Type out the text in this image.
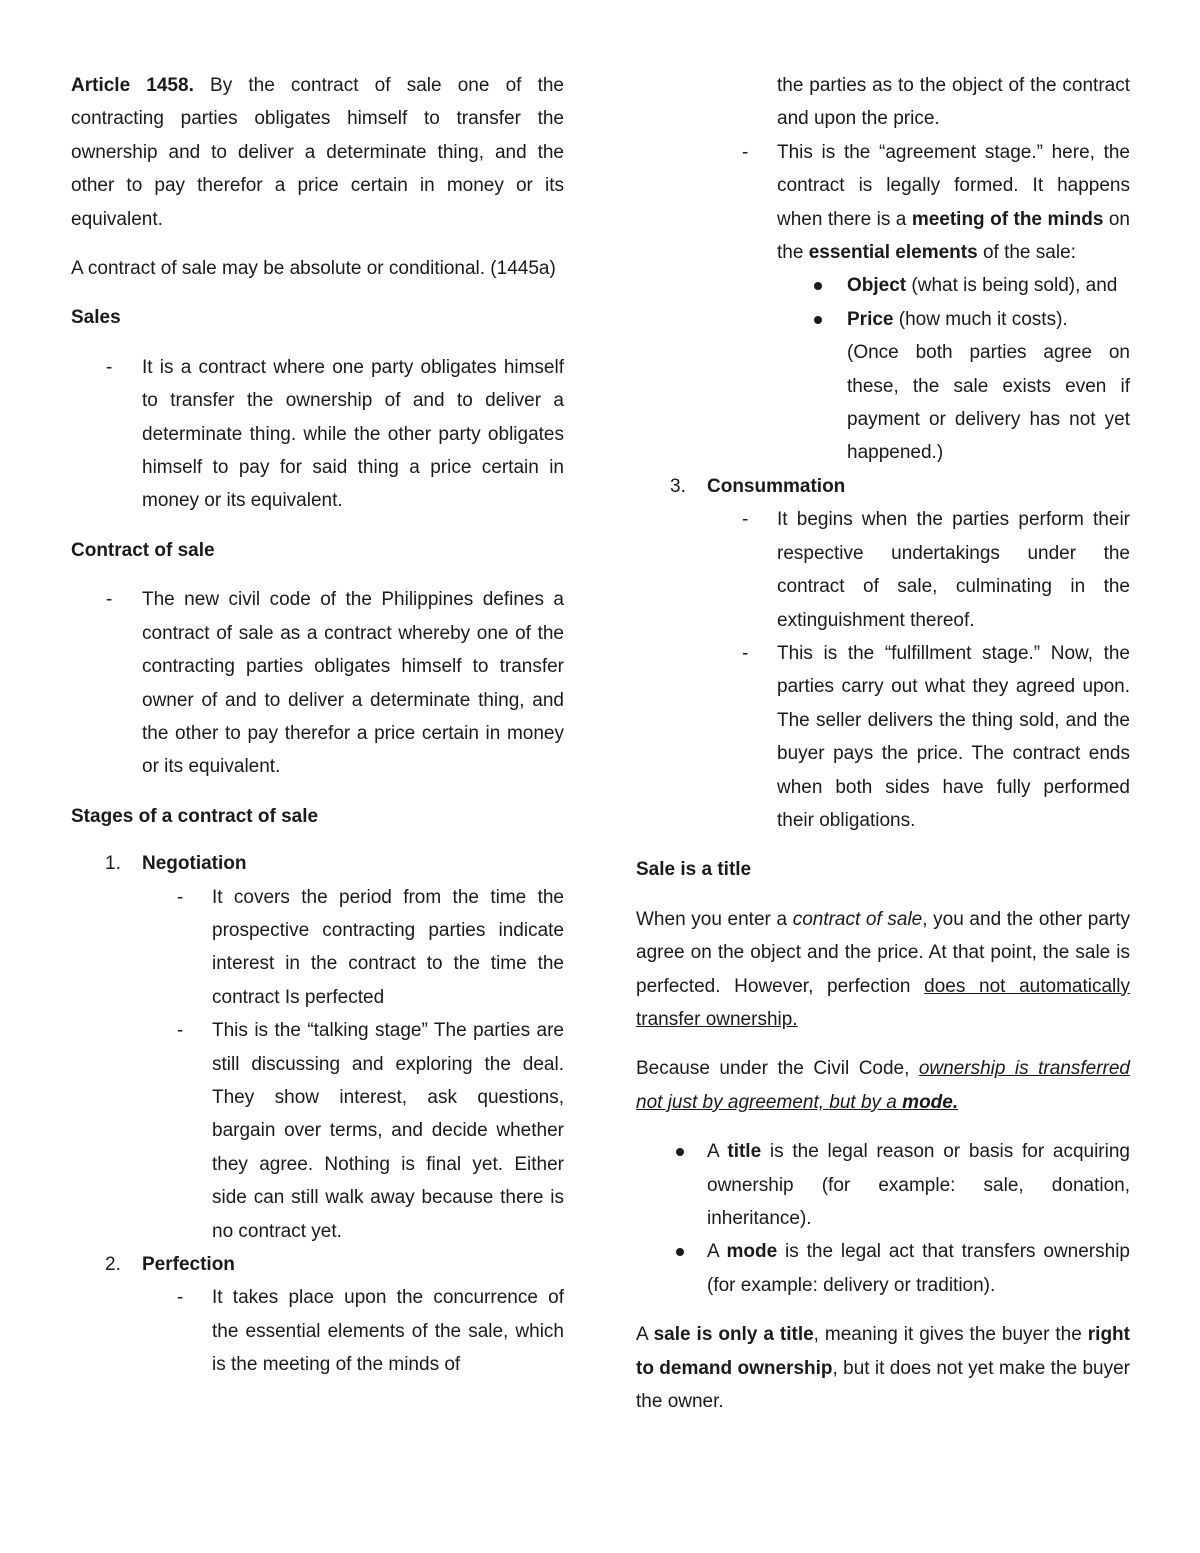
Article 1458. By the contract of sale one of the contracting parties obligates himself to transfer the ownership and to deliver a determinate thing, and the other to pay therefor a price certain in money or its equivalent.

A contract of sale may be absolute or conditional. (1445a)

Sales

- It is a contract where one party obligates himself to transfer the ownership of and to deliver a determinate thing. while the other party obligates himself to pay for said thing a price certain in money or its equivalent.

Contract of sale

- The new civil code of the Philippines defines a contract of sale as a contract whereby one of the contracting parties obligates himself to transfer owner of and to deliver a determinate thing, and the other to pay therefor a price certain in money or its equivalent.

Stages of a contract of sale

1. Negotiation
- It covers the period from the time the prospective contracting parties indicate interest in the contract to the time the contract Is perfected
- This is the “talking stage” The parties are still discussing and exploring the deal. They show interest, ask questions, bargain over terms, and decide whether they agree. Nothing is final yet. Either side can still walk away because there is no contract yet.
2. Perfection
- It takes place upon the concurrence of the essential elements of the sale, which is the meeting of the minds of

the parties as to the object of the contract and upon the price.

- This is the “agreement stage.” here, the contract is legally formed. It happens when there is a meeting of the minds on the essential elements of the sale:
Object (what is being sold), and
Price (how much it costs).

(Once both parties agree on these, the sale exists even if payment or delivery has not yet happened.)

3. Consummation
- It begins when the parties perform their respective undertakings under the contract of sale, culminating in the extinguishment thereof.
- This is the “fulfillment stage.” Now, the parties carry out what they agreed upon. The seller delivers the thing sold, and the buyer pays the price. The contract ends when both sides have fully performed their obligations.

Sale is a title

When you enter a contract of sale, you and the other party agree on the object and the price. At that point, the sale is perfected. However, perfection does not automatically transfer ownership.

Because under the Civil Code, ownership is transferred not just by agreement, but by a mode.

A title is the legal reason or basis for acquiring ownership (for example: sale, donation, inheritance).
A mode is the legal act that transfers ownership (for example: delivery or tradition).

A sale is only a title, meaning it gives the buyer the right to demand ownership, but it does not yet make the buyer the owner.
